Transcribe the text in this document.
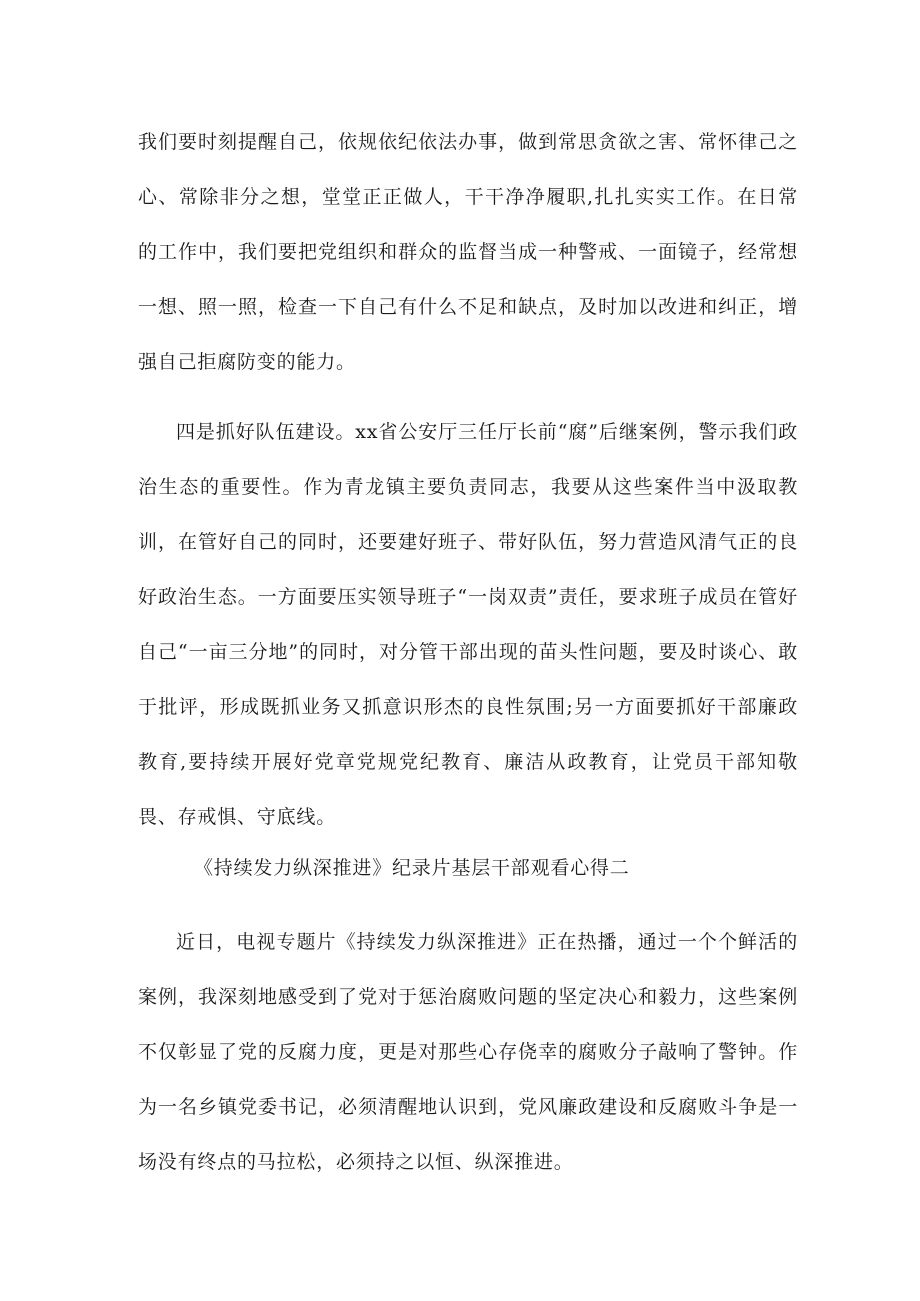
我们要时刻提醒自己，依规依纪依法办事，做到常思贪欲之害、常怀律己之心、常除非分之想，堂堂正正做人，干干净净履职,扎扎实实工作。在日常的工作中，我们要把党组织和群众的监督当成一种警戒、一面镜子，经常想一想、照一照，检查一下自己有什么不足和缺点，及时加以改进和纠正，增强自己拒腐防变的能力。

四是抓好队伍建设。xx省公安厅三任厅长前“腐”后继案例，警示我们政治生态的重要性。作为青龙镇主要负责同志，我要从这些案件当中汲取教训，在管好自己的同时，还要建好班子、带好队伍，努力营造风清气正的良好政治生态。一方面要压实领导班子“一岗双责”责任，要求班子成员在管好自己“一亩三分地”的同时，对分管干部出现的苗头性问题，要及时谈心、敢于批评，形成既抓业务又抓意识形杰的良性氛围;另一方面要抓好干部廉政教育,要持续开展好党章党规党纪教育、廉洁从政教育，让党员干部知敬畏、存戒惧、守底线。

《持续发力纵深推进》纪录片基层干部观看心得二

近日，电视专题片《持续发力纵深推进》正在热播，通过一个个鲜活的案例，我深刻地感受到了党对于惩治腐败问题的坚定决心和毅力，这些案例不仅彰显了党的反腐力度，更是对那些心存侥幸的腐败分子敲响了警钟。作为一名乡镇党委书记，必须清醒地认识到，党风廉政建设和反腐败斗争是一场没有终点的马拉松，必须持之以恒、纵深推进。
